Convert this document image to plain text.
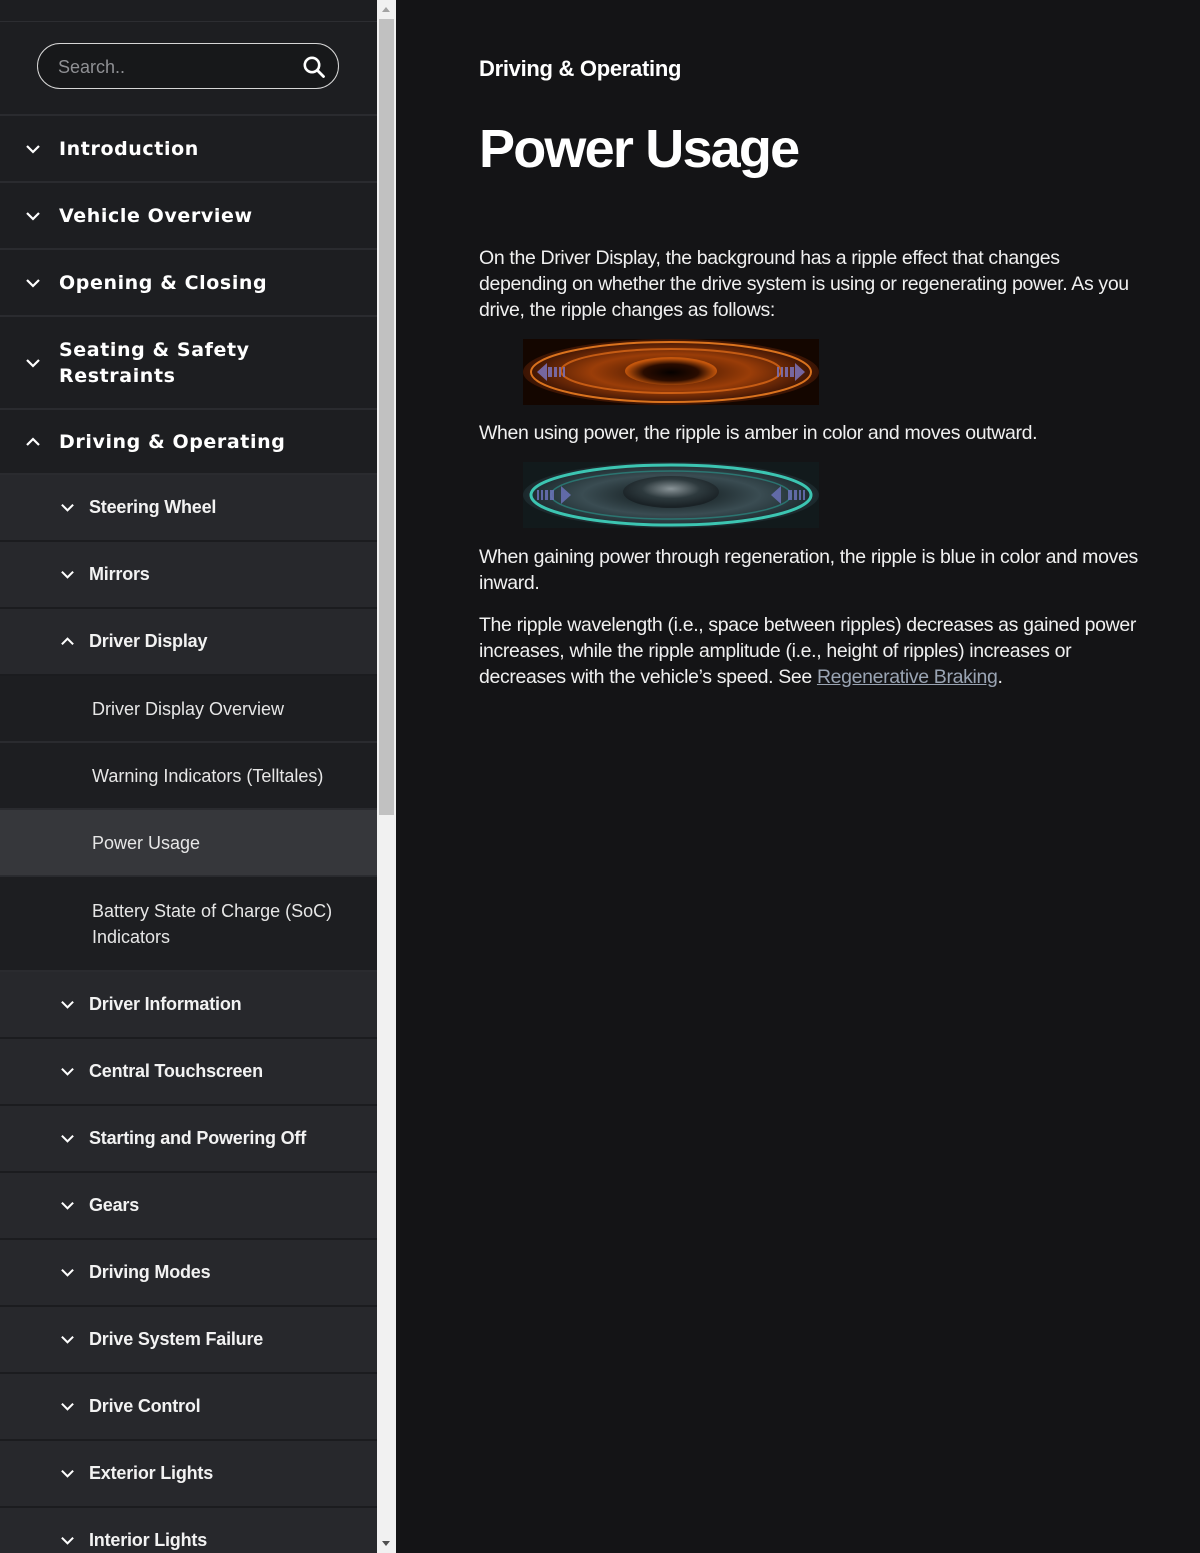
Search..
Introduction
Vehicle Overview
Opening & Closing
Seating & Safety Restraints
Driving & Operating
Steering Wheel
Mirrors
Driver Display
Driver Display Overview
Warning Indicators (Telltales)
Power Usage
Battery State of Charge (SoC) Indicators
Driver Information
Central Touchscreen
Starting and Powering Off
Gears
Driving Modes
Drive System Failure
Drive Control
Exterior Lights
Interior Lights
Driving & Operating
Power Usage

On the Driver Display, the background has a ripple effect that changes depending on whether the drive system is using or regenerating power. As you drive, the ripple changes as follows:

When using power, the ripple is amber in color and moves outward.

When gaining power through regeneration, the ripple is blue in color and moves inward.

The ripple wavelength (i.e., space between ripples) decreases as gained power increases, while the ripple amplitude (i.e., height of ripples) increases or decreases with the vehicle’s speed. See Regenerative Braking.
